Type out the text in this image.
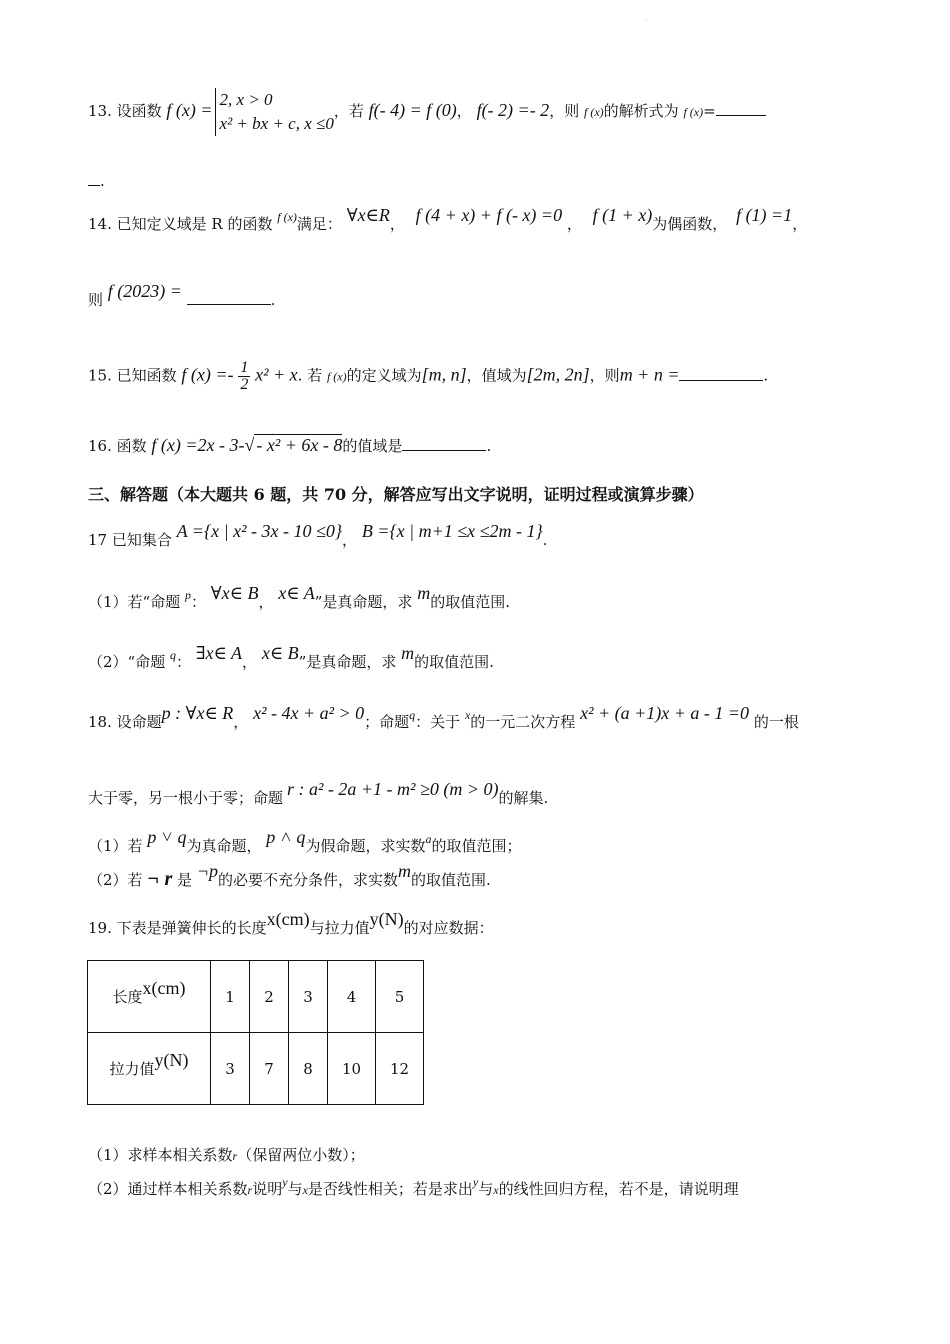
.
13. 设函数 f (x) =
2, x > 0
x² + bx + c, x ≤0
，若 f(- 4) = f (0)， f(- 2) =- 2，则 f (x)的解析式为 f (x)=
.
14. 已知定义域是 R 的函数 $^{f (x)}$满足： ∀x∈R， f (4 + x) + f (- x) =0 ， f (1 + x)为偶函数， f (1) =1，
则 f (2023) =	.
15. 已知函数 f $(x) =- \frac{1}{2} x^2 + x$. 若 f (x)的定义域为[m, n]，值域为[2m, 2n]，则m + n =	.
16. 函数 f (x) =2x - 3-√ - x² + 6x - 8的值域是	.
三、解答题（本大题共 6 题，共 70 分，解答应写出文字说明，证明过程或演算步骤）
17 已知集合 A ={x | x² - 3x - 10 ≤0}， B ={x | m+1 ≤x ≤2m - 1}.
（1）若“命题 $^p$： ∀x∈ B， x∈ A”是真命题，求 m的取值范围.
（2）“命题 $^q$： ∃x∈ A， x∈ B”是真命题，求 m的取值范围.
18. 设命题p : ∀x∈ R， x² - 4x + a² > 0；命题$^q$：关于 $^x$的一元二次方程 x² + (a +1)x + a - 1 =0 的一根
大于零，另一根小于零；命题 r : a² - 2a +1 - m² ≥0 (m > 0)的解集.
（1）若 p ˅ q为真命题， p ˄ q为假命题，求实数$^a$的取值范围；
（2）若 ¬ r 是 ¬p的必要不充分条件，求实数m的取值范围.
19. 下表是弹簧伸长的长度x(cm)与拉力值y(N)的对应数据：
长度x(cm)	1	2	3	4	5
拉力值y(N)	3	7	8	10	12
（1）求样本相关系数r（保留两位小数）；
（2）通过样本相关系数r说明$^y$与x是否线性相关；若是求出$^y$与x的线性回归方程，若不是，请说明理
